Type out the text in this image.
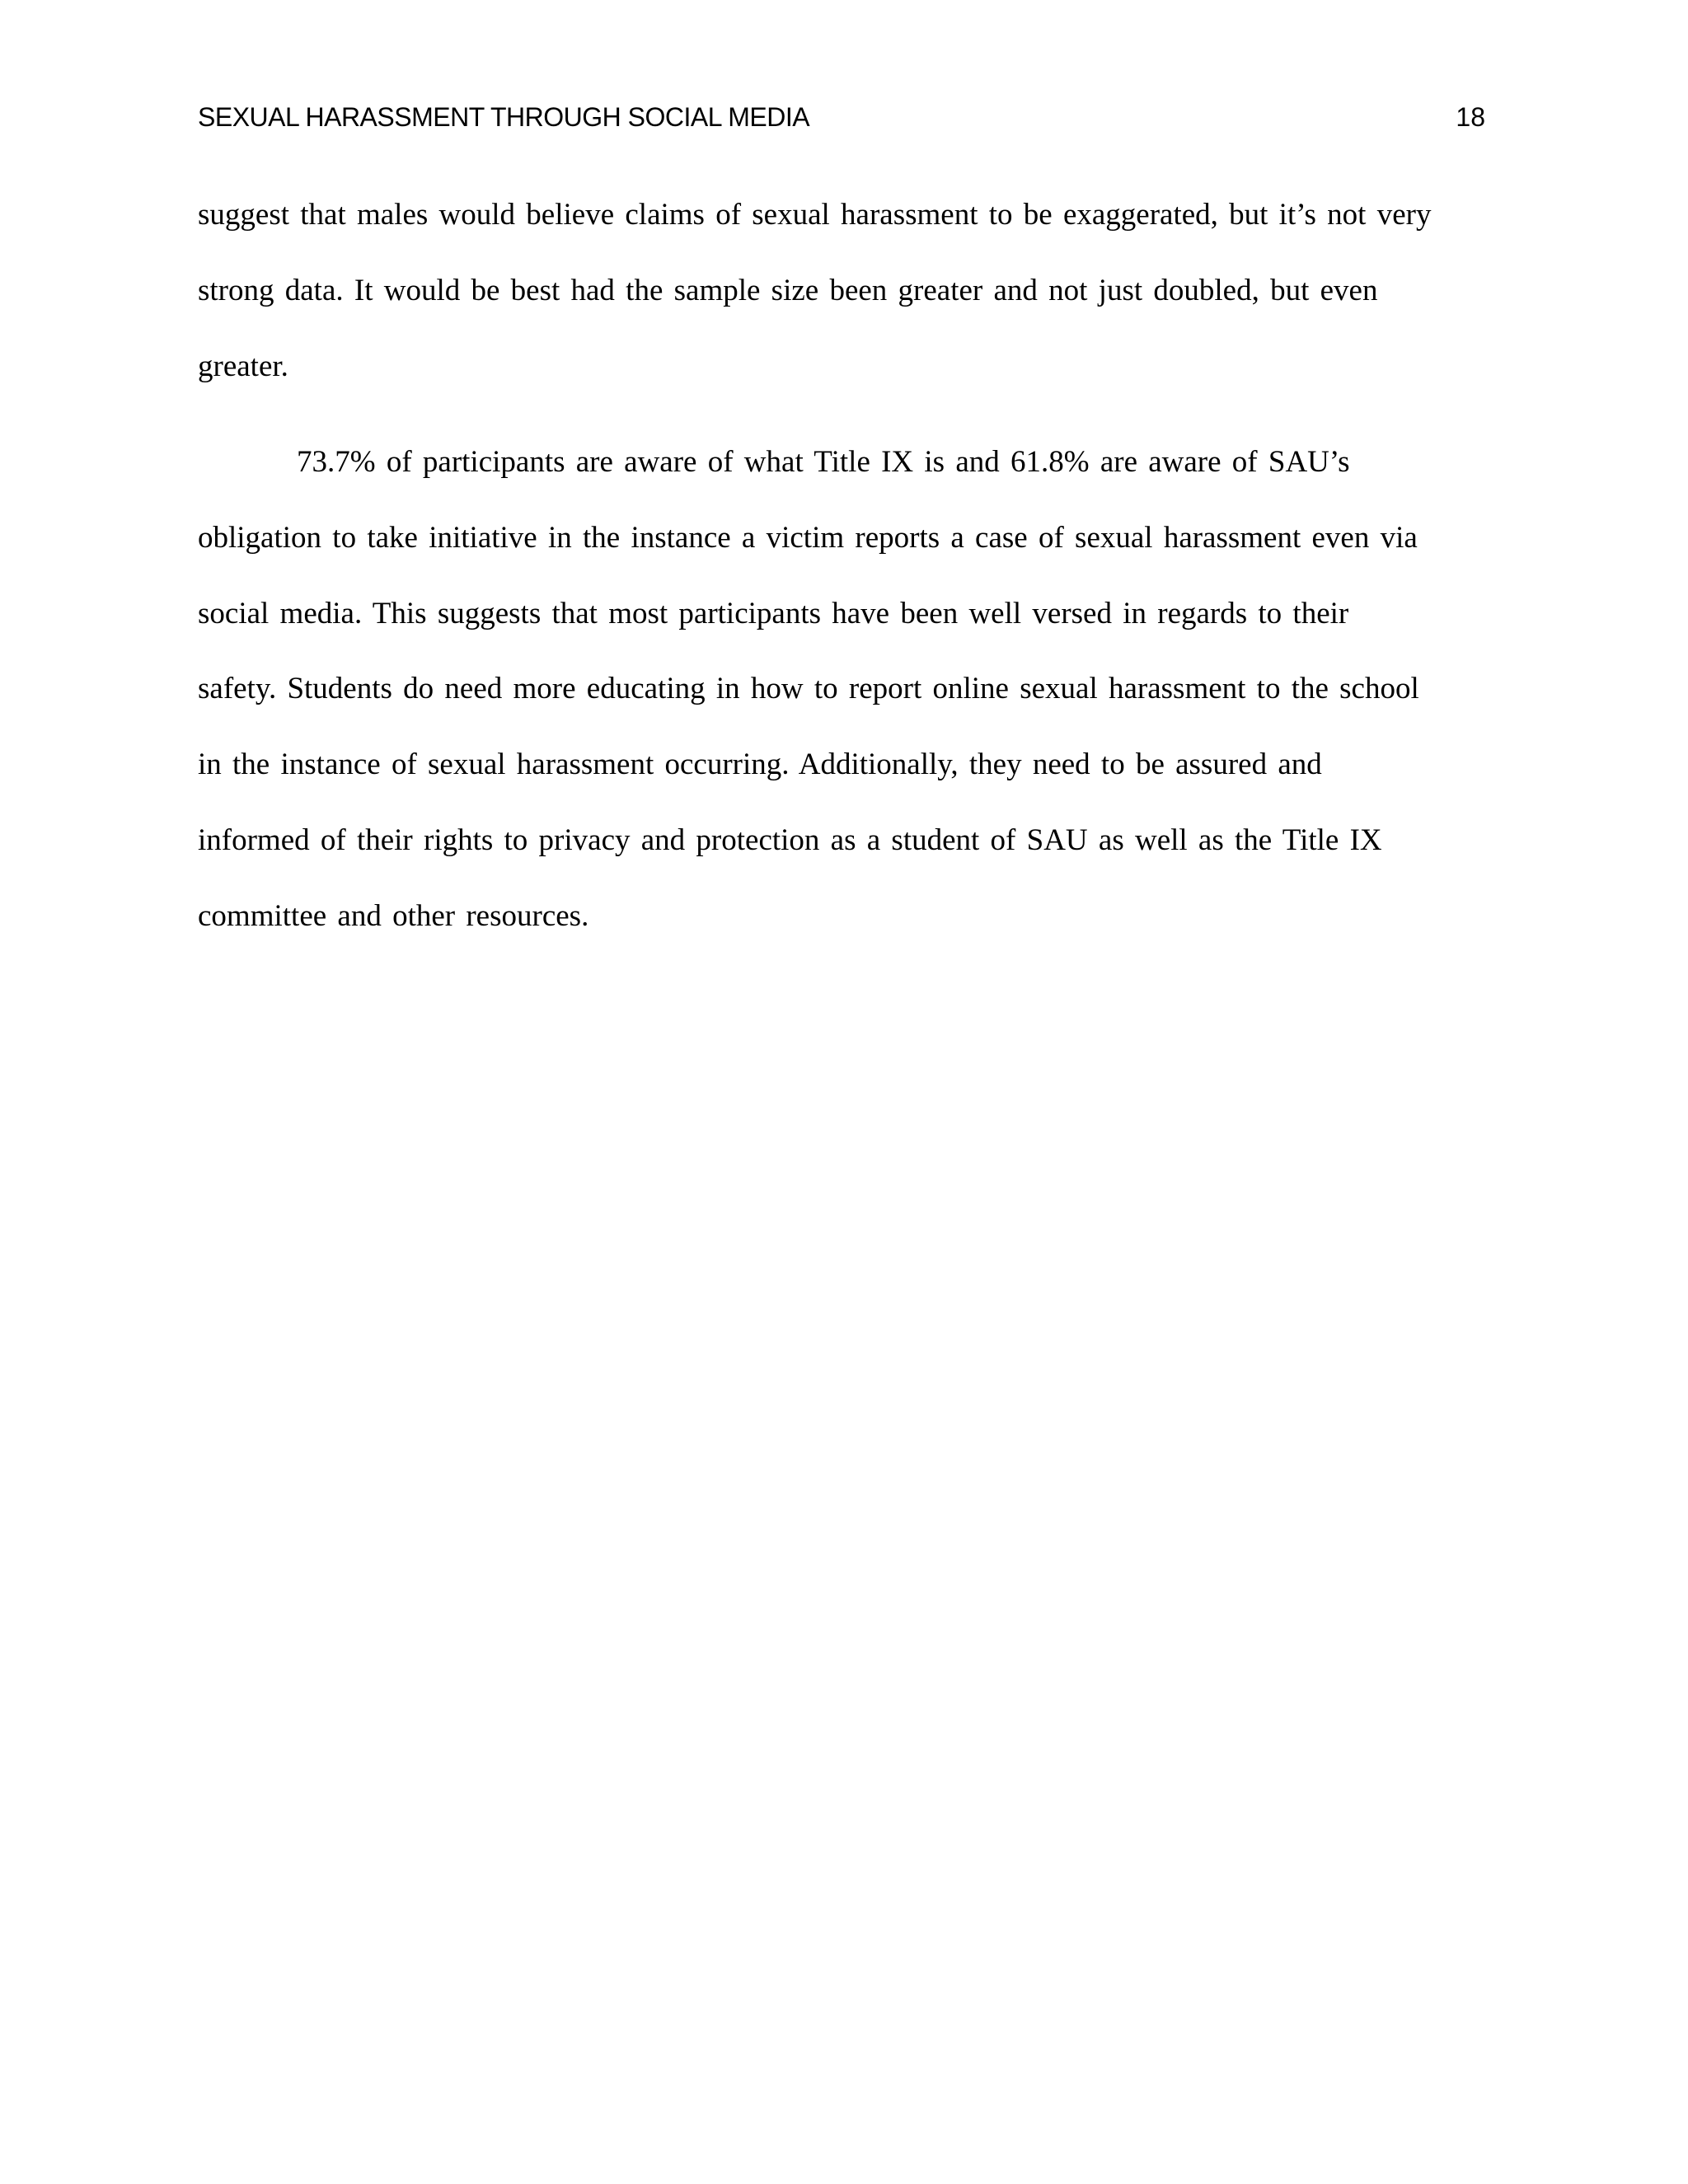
SEXUAL HARASSMENT THROUGH SOCIAL MEDIA	18
suggest that males would believe claims of sexual harassment to be exaggerated, but it’s not very
strong data. It would be best had the sample size been greater and not just doubled, but even
greater.
73.7% of participants are aware of what Title IX is and 61.8% are aware of SAU’s
obligation to take initiative in the instance a victim reports a case of sexual harassment even via
social media. This suggests that most participants have been well versed in regards to their
safety. Students do need more educating in how to report online sexual harassment to the school
in the instance of sexual harassment occurring. Additionally, they need to be assured and
informed of their rights to privacy and protection as a student of SAU as well as the Title IX
committee and other resources.
